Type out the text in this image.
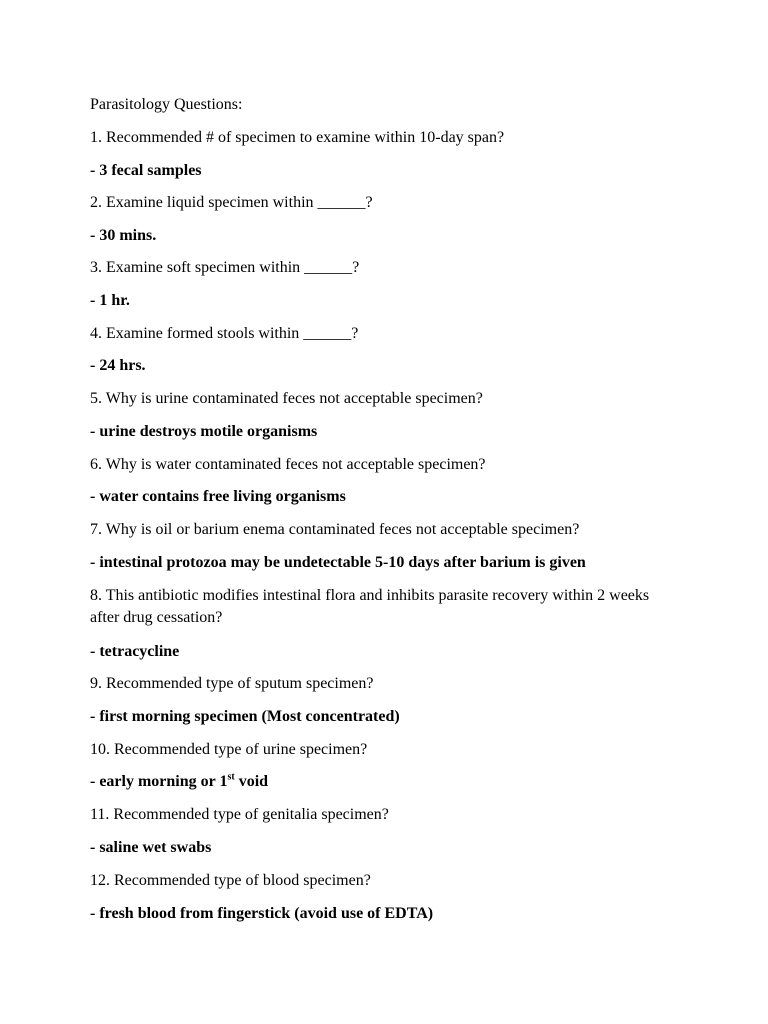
Parasitology Questions:
1. Recommended # of specimen to examine within 10-day span?
- 3 fecal samples
2. Examine liquid specimen within ______?
- 30 mins.
3. Examine soft specimen within ______?
- 1 hr.
4. Examine formed stools within ______?
- 24 hrs.
5. Why is urine contaminated feces not acceptable specimen?
- urine destroys motile organisms
6. Why is water contaminated feces not acceptable specimen?
- water contains free living organisms
7. Why is oil or barium enema contaminated feces not acceptable specimen?
- intestinal protozoa may be undetectable 5-10 days after barium is given
8. This antibiotic modifies intestinal flora and inhibits parasite recovery within 2 weeks after drug cessation?
- tetracycline
9. Recommended type of sputum specimen?
- first morning specimen (Most concentrated)
10. Recommended type of urine specimen?
- early morning or 1st void
11. Recommended type of genitalia specimen?
- saline wet swabs
12. Recommended type of blood specimen?
- fresh blood from fingerstick (avoid use of EDTA)
